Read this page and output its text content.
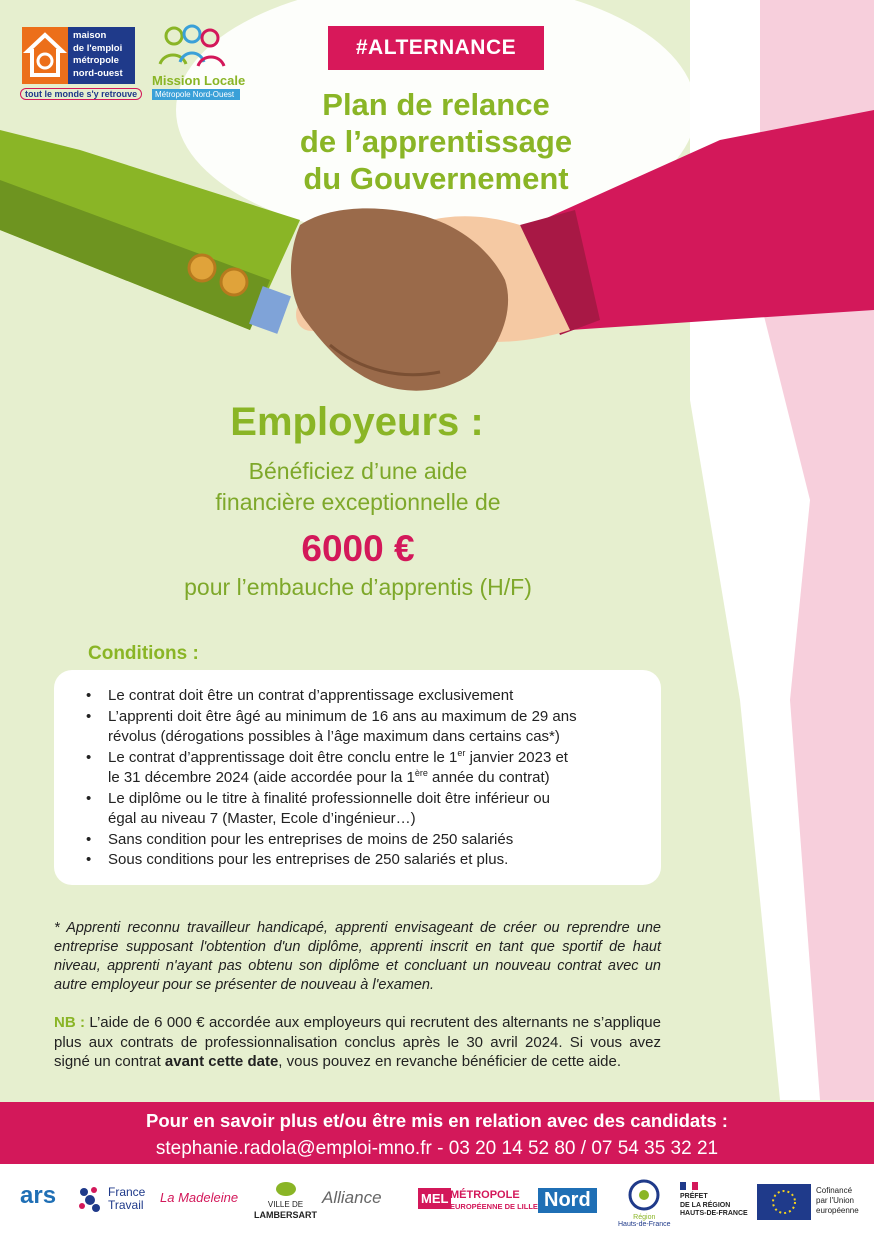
maison
de l'emploi
métropole
nord-ouest
tout le monde s'y retrouve
Mission Locale
Métropole Nord-Ouest
#ALTERNANCE
Plan de relance
de l’apprentissage
du Gouvernement
Employeurs :
Bénéficiez d’une aide
financière exceptionnelle de
6000 €
pour l’embauche d’apprentis (H/F)
Conditions :
• Le contrat doit être un contrat d’apprentissage exclusivement
• L’apprenti doit être âgé au minimum de 16 ans au maximum de 29 ans
révolus (dérogations possibles à l’âge maximum dans certains cas*)
• Le contrat d’apprentissage doit être conclu entre le 1er janvier 2023 et
le 31 décembre 2024 (aide accordée pour la 1ère année du contrat)
• Le diplôme ou le titre à finalité professionnelle doit être inférieur ou
égal au niveau 7 (Master, Ecole d’ingénieur…)
• Sans condition pour les entreprises de moins de 250 salariés
• Sous conditions pour les entreprises de 250 salariés et plus.
* Apprenti reconnu travailleur handicapé, apprenti envisageant de créer ou reprendre une entreprise supposant l'obtention d'un diplôme, apprenti inscrit en tant que sportif de haut niveau, apprenti n'ayant pas obtenu son diplôme et concluant un nouveau contrat avec un autre employeur pour se présenter de nouveau à l'examen.
NB : L’aide de 6 000 € accordée aux employeurs qui recrutent des alternants ne s’applique plus aux contrats de professionnalisation conclus après le 30 avril 2024. Si vous avez signé un contrat avant cette date, vous pouvez en revanche bénéficier de cette aide.
Pour en savoir plus et/ou être mis en relation avec des candidats :
stephanie.radola@emploi-mno.fr - 03 20 14 52 80 / 07 54 35 32 21
ars	France
Travail La Madeleine	VILLE DE
LAMBERSART
Alliance	MEL MÉTROPOLE
EUROPÉENNE DE LILLE Nord
Région
Hauts-de-France
PRÉFET
DE LA RÉGION
HAUTS-DE-FRANCE
Cofinancé
par l'Union
européenne
